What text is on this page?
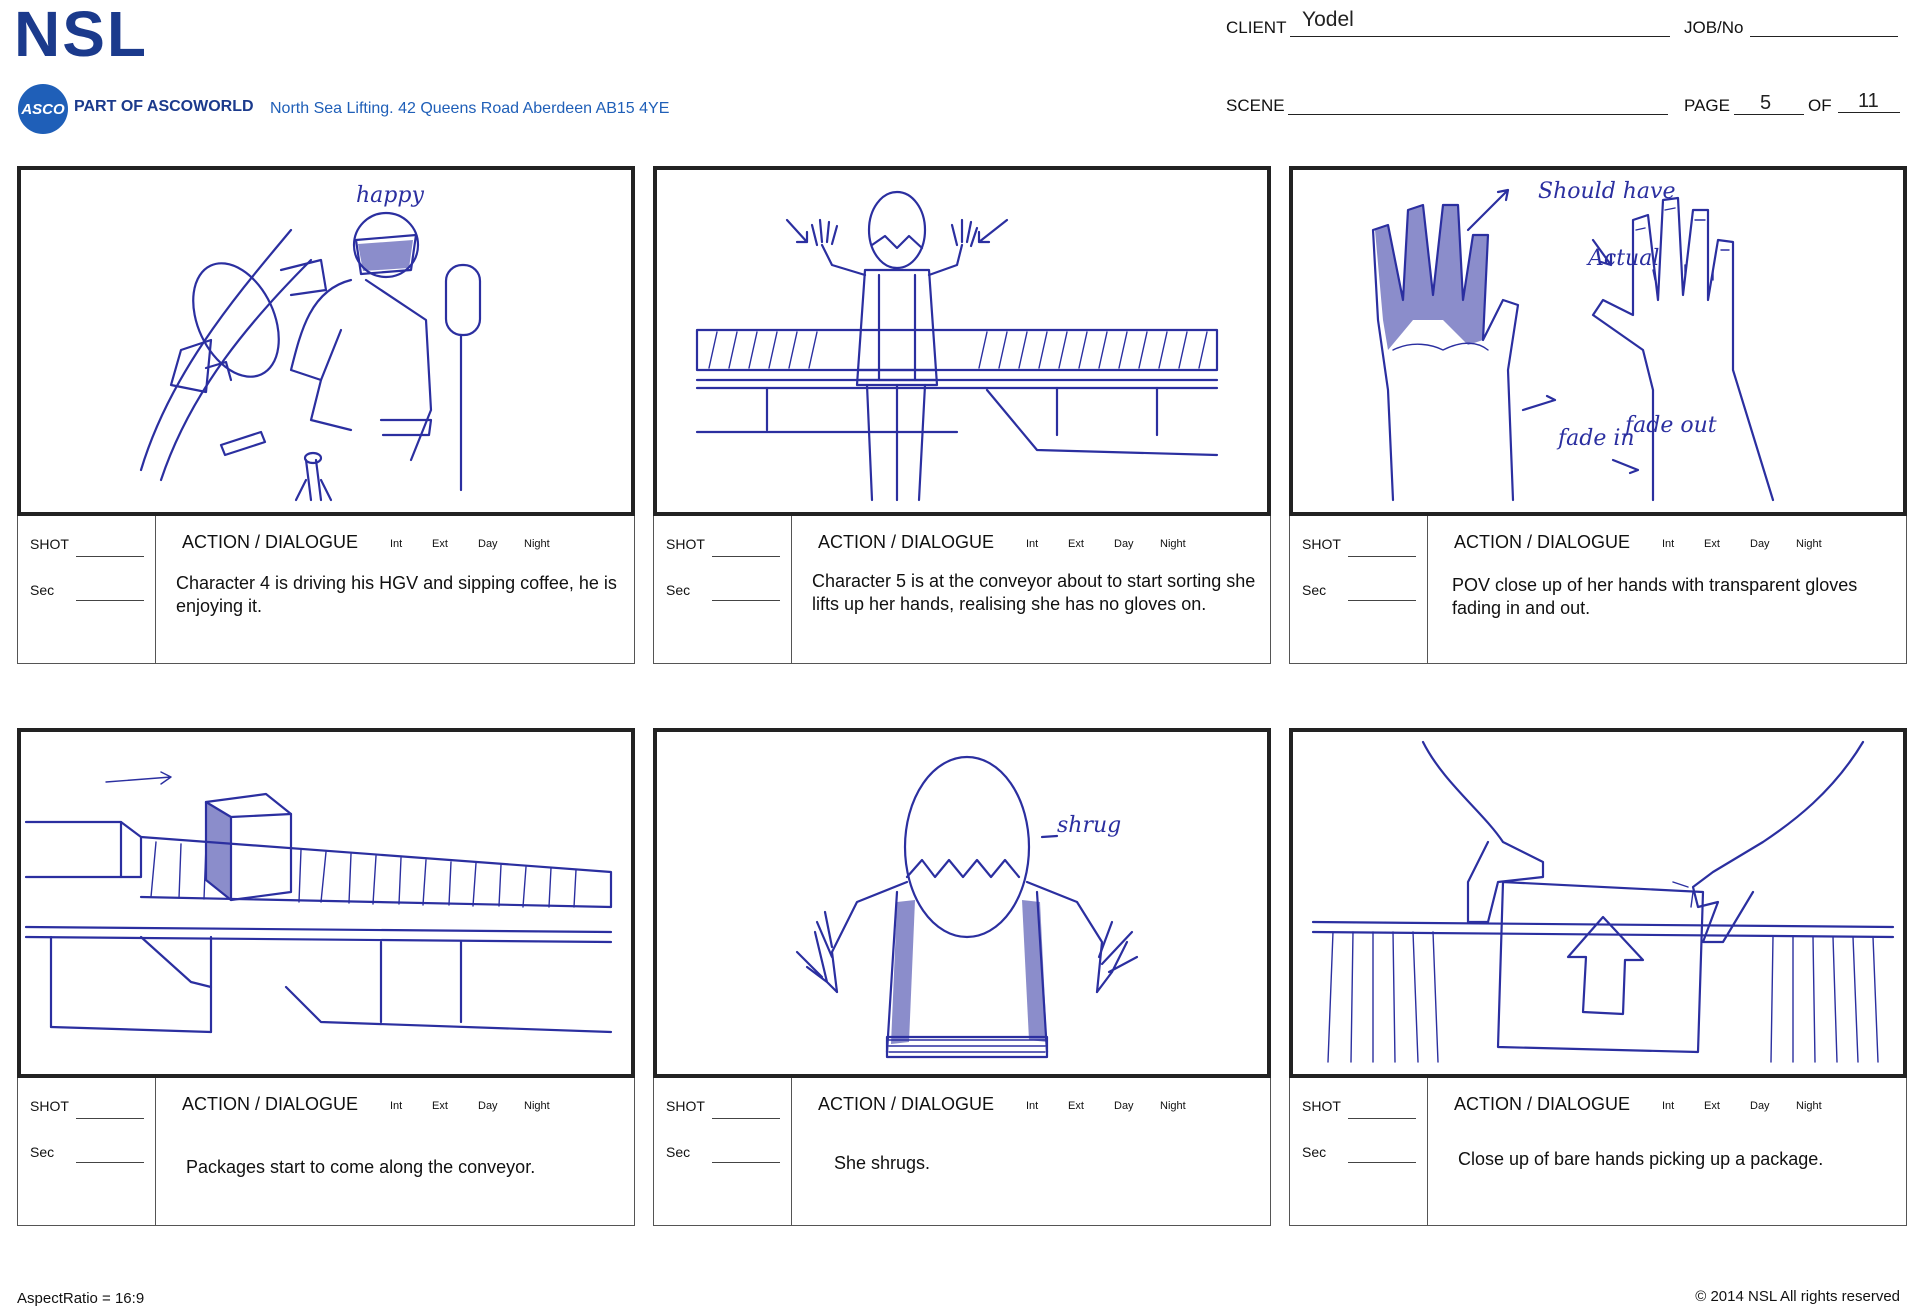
NSL
ASCO PART OF ASCOWORLD North Sea Lifting. 42 Queens Road Aberdeen AB15 4YE
CLIENT Yodel	JOB/No
SCENE	PAGE 5 OF 11
happy
SHOT
Sec
ACTION / DIALOGUE	Int	Ext	Day Night
Character 4 is driving his HGV and sipping coffee, he is enjoying it.
SHOT
Sec
ACTION / DIALOGUE	Int	Ext	Day Night
Character 5 is at the conveyor about to start sorting she lifts up her hands, realising she has no gloves on.
Should have
Actual
fade in
fade out
SHOT
Sec
ACTION / DIALOGUE	Int	Ext	Day Night
POV close up of her hands with transparent gloves fading in and out.
SHOT
Sec
ACTION / DIALOGUE	Int	Ext	Day Night
Packages start to come along the conveyor.
shrug
SHOT
Sec
ACTION / DIALOGUE	Int	Ext	Day Night
She shrugs.
SHOT
Sec
ACTION / DIALOGUE	Int	Ext	Day Night
Close up of bare hands picking up a package.
AspectRatio = 16:9	© 2014 NSL All rights reserved
